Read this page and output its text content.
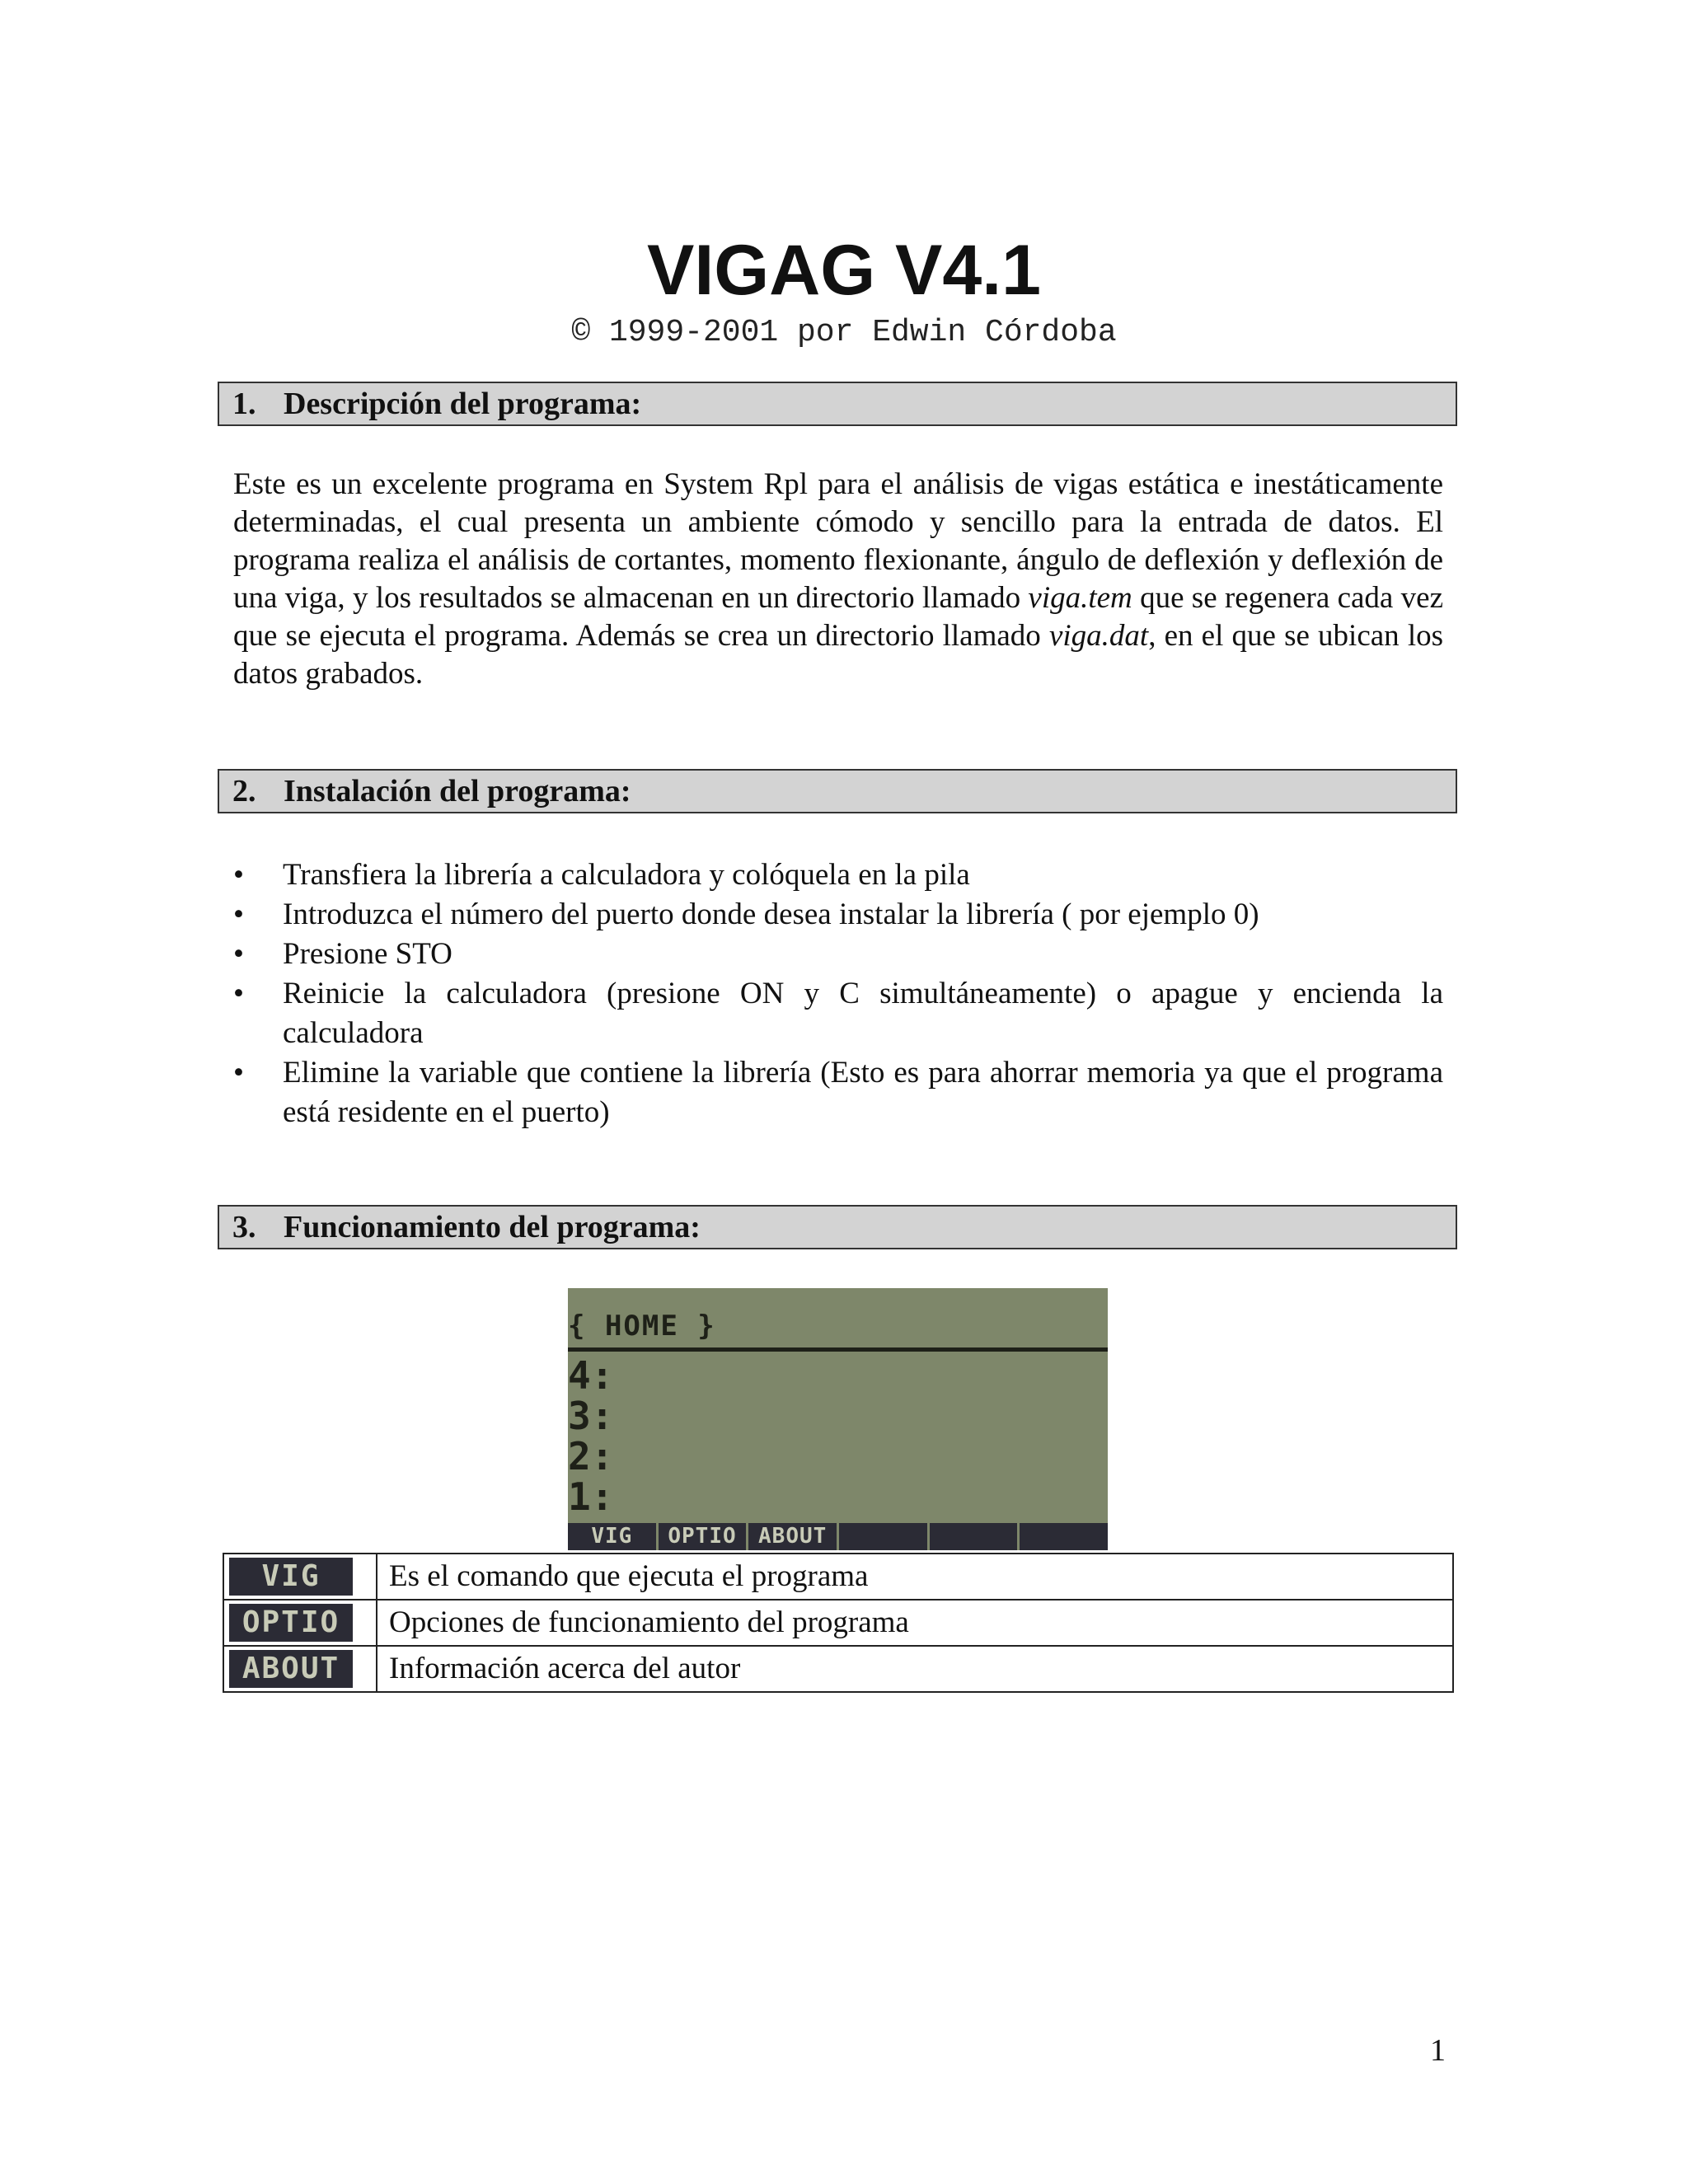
VIGAG V4.1
© 1999-2001 por Edwin Córdoba
1. Descripción del programa:

Este es un excelente programa en System Rpl para el análisis de vigas estática e inestáticamente determinadas, el cual presenta un ambiente cómodo y sencillo para la entrada de datos. El programa realiza el análisis de cortantes, momento flexionante, ángulo de deflexión y deflexión de una viga, y los resultados se almacenan en un directorio llamado viga.tem que se regenera cada vez que se ejecuta el programa. Además se crea un directorio llamado viga.dat, en el que se ubican los datos grabados.

2. Instalación del programa:
• Transfiera la librería a calculadora y colóquela en la pila
• Introduzca el número del puerto donde desea instalar la librería ( por ejemplo 0)
• Presione STO
• Reinicie la calculadora (presione ON y C simultáneamente) o apague y encienda la calculadora
• Elimine la variable que contiene la librería (Esto es para ahorrar memoria ya que el programa está residente en el puerto)
3. Funcionamiento del programa:
{ HOME }
4:
3:
2:
1:
VIG	OPTIO	ABOUT
VIG	Es el comando que ejecuta el programa

OPTIO	Opciones de funcionamiento del programa

ABOUT	Información acerca del autor
1
